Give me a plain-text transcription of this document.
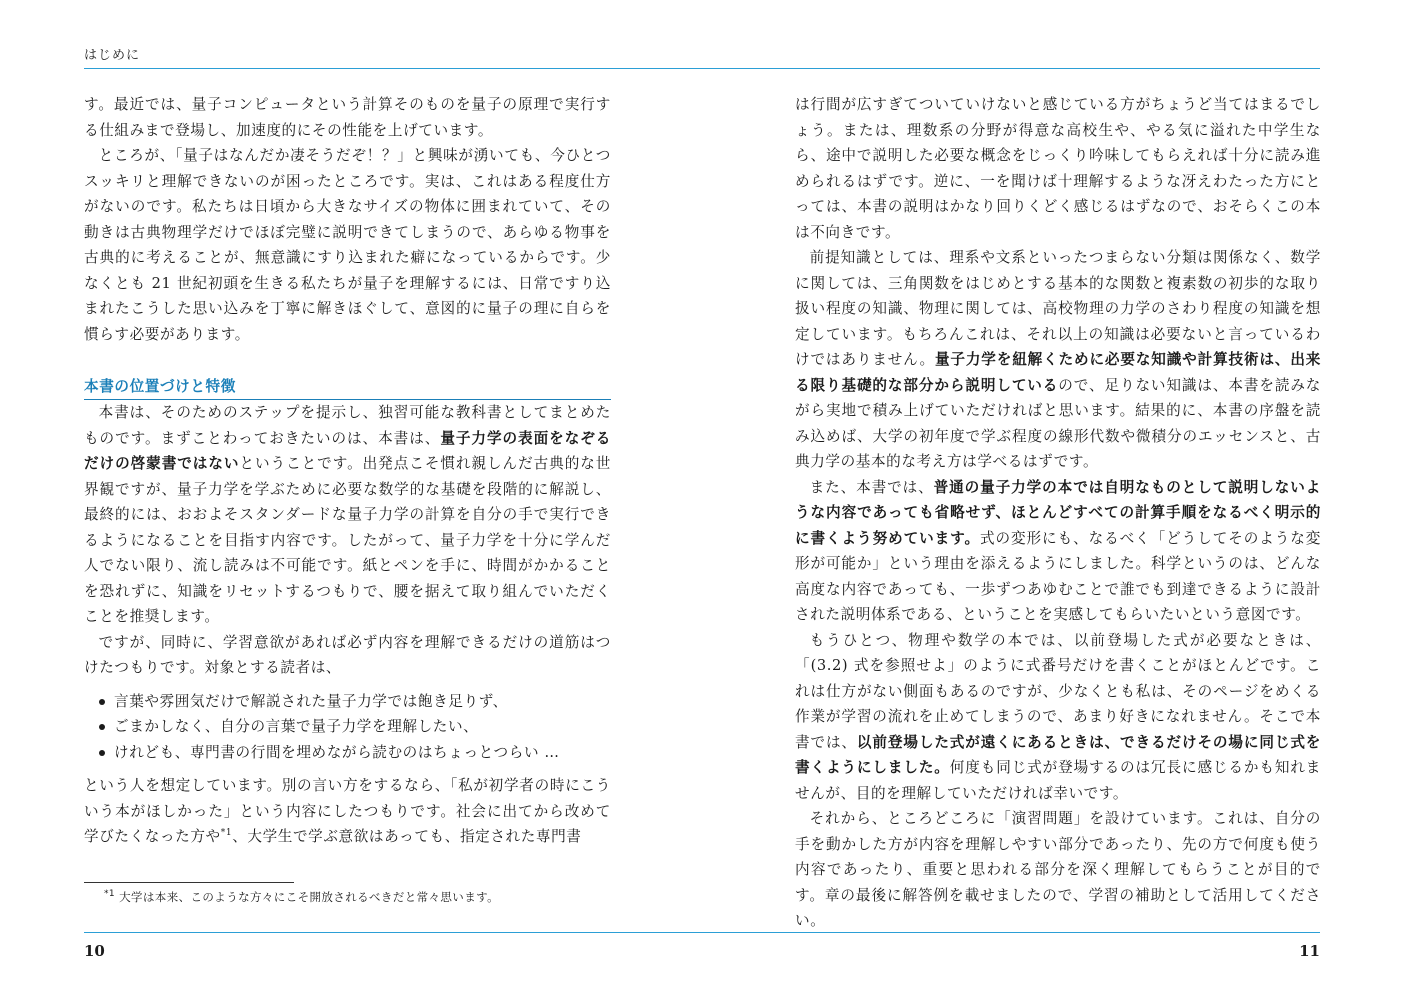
はじめに

す。最近では、量子コンピュータという計算そのものを量子の原理で実行する仕組みまで登場し、加速度的にその性能を上げています。

ところが、「量子はなんだか凄そうだぞ！？」と興味が湧いても、今ひとつスッキリと理解できないのが困ったところです。実は、これはある程度仕方がないのです。私たちは日頃から大きなサイズの物体に囲まれていて、その動きは古典物理学だけでほぼ完璧に説明できてしまうので、あらゆる物事を古典的に考えることが、無意識にすり込まれた癖になっているからです。少なくとも 21 世紀初頭を生きる私たちが量子を理解するには、日常ですり込まれたこうした思い込みを丁寧に解きほぐして、意図的に量子の理に自らを慣らす必要があります。

本書の位置づけと特徴

本書は、そのためのステップを提示し、独習可能な教科書としてまとめたものです。まずことわっておきたいのは、本書は、量子力学の表面をなぞるだけの啓蒙書ではないということです。出発点こそ慣れ親しんだ古典的な世界観ですが、量子力学を学ぶために必要な数学的な基礎を段階的に解説し、最終的には、おおよそスタンダードな量子力学の計算を自分の手で実行できるようになることを目指す内容です。したがって、量子力学を十分に学んだ人でない限り、流し読みは不可能です。紙とペンを手に、時間がかかることを恐れずに、知識をリセットするつもりで、腰を据えて取り組んでいただくことを推奨します。

ですが、同時に、学習意欲があれば必ず内容を理解できるだけの道筋はつけたつもりです。対象とする読者は、

言葉や雰囲気だけで解説された量子力学では飽き足りず、
ごまかしなく、自分の言葉で量子力学を理解したい、
けれども、専門書の行間を埋めながら読むのはちょっとつらい …

という人を想定しています。別の言い方をするなら、「私が初学者の時にこういう本がほしかった」という内容にしたつもりです。社会に出てから改めて学びたくなった方や$^{*1}$、大学生で学ぶ意欲はあっても、指定された専門書

$^{*1}$ 大学は本来、このような方々にこそ開放されるべきだと常々思います。

は行間が広すぎてついていけないと感じている方がちょうど当てはまるでしょう。または、理数系の分野が得意な高校生や、やる気に溢れた中学生なら、途中で説明した必要な概念をじっくり吟味してもらえれば十分に読み進められるはずです。逆に、一を聞けば十理解するような冴えわたった方にとっては、本書の説明はかなり回りくどく感じるはずなので、おそらくこの本は不向きです。

前提知識としては、理系や文系といったつまらない分類は関係なく、数学に関しては、三角関数をはじめとする基本的な関数と複素数の初歩的な取り扱い程度の知識、物理に関しては、高校物理の力学のさわり程度の知識を想定しています。もちろんこれは、それ以上の知識は必要ないと言っているわけではありません。量子力学を紐解くために必要な知識や計算技術は、出来る限り基礎的な部分から説明しているので、足りない知識は、本書を読みながら実地で積み上げていただければと思います。結果的に、本書の序盤を読み込めば、大学の初年度で学ぶ程度の線形代数や微積分のエッセンスと、古典力学の基本的な考え方は学べるはずです。

また、本書では、普通の量子力学の本では自明なものとして説明しないような内容であっても省略せず、ほとんどすべての計算手順をなるべく明示的に書くよう努めています。式の変形にも、なるべく「どうしてそのような変形が可能か」という理由を添えるようにしました。科学というのは、どんな高度な内容であっても、一歩ずつあゆむことで誰でも到達できるように設計された説明体系である、ということを実感してもらいたいという意図です。

もうひとつ、物理や数学の本では、以前登場した式が必要なときは、「(3.2) 式を参照せよ」のように式番号だけを書くことがほとんどです。これは仕方がない側面もあるのですが、少なくとも私は、そのページをめくる作業が学習の流れを止めてしまうので、あまり好きになれません。そこで本書では、以前登場した式が遠くにあるときは、できるだけその場に同じ式を書くようにしました。何度も同じ式が登場するのは冗長に感じるかも知れませんが、目的を理解していただければ幸いです。

それから、ところどころに「演習問題」を設けています。これは、自分の手を動かした方が内容を理解しやすい部分であったり、先の方で何度も使う内容であったり、重要と思われる部分を深く理解してもらうことが目的です。章の最後に解答例を載せましたので、学習の補助として活用してください。

10	11
